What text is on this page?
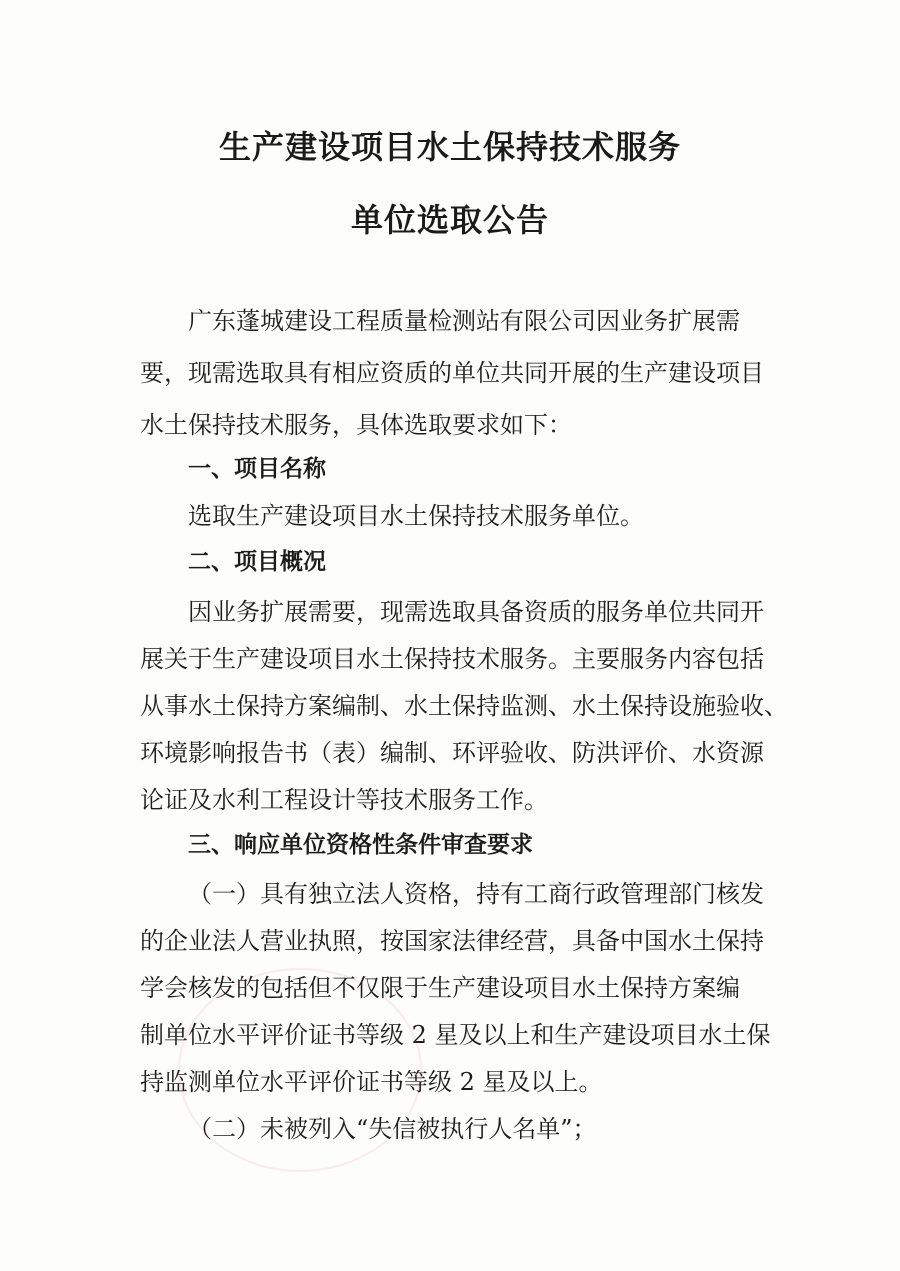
生产建设项目水土保持技术服务
单位选取公告
广东蓬城建设工程质量检测站有限公司因业务扩展需
要，现需选取具有相应资质的单位共同开展的生产建设项目
水土保持技术服务，具体选取要求如下：
一、项目名称
选取生产建设项目水土保持技术服务单位。
二、项目概况
因业务扩展需要，现需选取具备资质的服务单位共同开
展关于生产建设项目水土保持技术服务。主要服务内容包括
从事水土保持方案编制、水土保持监测、水土保持设施验收、
环境影响报告书（表）编制、环评验收、防洪评价、水资源
论证及水利工程设计等技术服务工作。
三、响应单位资格性条件审查要求
（一）具有独立法人资格，持有工商行政管理部门核发
的企业法人营业执照，按国家法律经营，具备中国水土保持
学会核发的包括但不仅限于生产建设项目水土保持方案编
制单位水平评价证书等级 2 星及以上和生产建设项目水土保
持监测单位水平评价证书等级 2 星及以上。
（二）未被列入“失信被执行人名单”；
